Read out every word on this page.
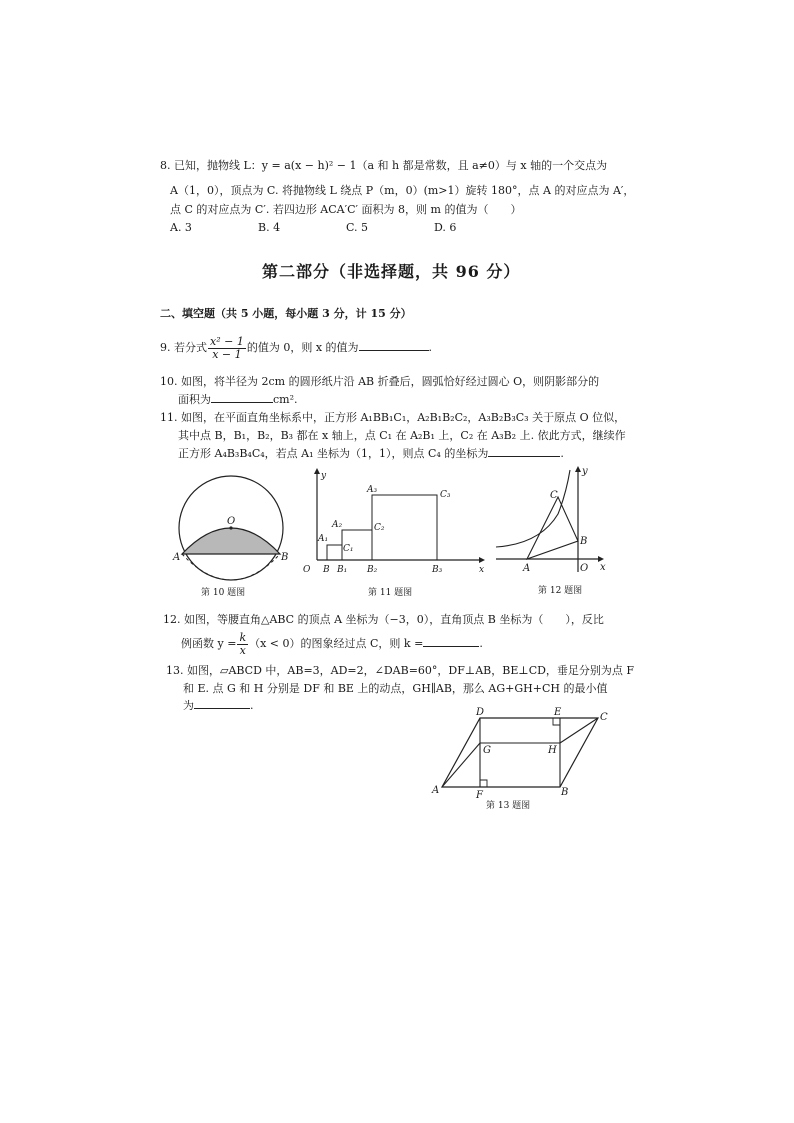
8. 已知，抛物线 L：y = a(x − h)² − 1（a 和 h 都是常数，且 a≠0）与 x 轴的一个交点为
A（1，0），顶点为 C. 将抛物线 L 绕点 P（m，0）(m>1）旋转 180°，点 A 的对应点为 A′，
点 C 的对应点为 C′. 若四边形 ACA′C′ 面积为 8，则 m 的值为（　　）
A. 3	B. 4	C. 5	D. 6
第二部分（非选择题，共 96 分）
二、填空题（共 5 小题，每小题 3 分，计 15 分）
9. 若分式 $\frac{\text{x² − 1}}{x - 1}$ 的值为 0，则 x 的值为	.
10. 如图，将半径为 2cm 的圆形纸片沿 AB 折叠后，圆弧恰好经过圆心 O，则阴影部分的
面积为	cm².
11. 如图，在平面直角坐标系中，正方形 A₁BB₁C₁，A₂B₁B₂C₂，A₃B₂B₃C₃ 关于原点 O 位似，
其中点 B，B₁，B₂，B₃ 都在 x 轴上，点 C₁ 在 A₂B₁ 上，C₂ 在 A₃B₂ 上. 依此方式，继续作
正方形 A₄B₃B₄C₄，若点 A₁ 坐标为（1，1），则点 C₄ 的坐标为	.
O
A	B
第 10 题图
O B B₁ B₂	B₃
A₁
A₂
A₃
C₁
C₂
C₃
y
x
第 11 题图
A
B
C
O
y
x
第 12 题图
12. 如图，等腰直角△ABC 的顶点 A 坐标为（−3，0），直角顶点 B 坐标为（　　），反比
例函数 $y = \frac{k}{x} (x < 0)$的图象经过点 C，则 k =	.
13. 如图，▱ABCD 中，AB=3，AD=2，∠DAB=60°，DF⊥AB，BE⊥CD，垂足分别为点 F
和 E. 点 G 和 H 分别是 DF 和 BE 上的动点，GH∥AB，那么 AG+GH+CH 的最小值
为	.
A	B
C
D	E
F
G	H
第 13 题图
